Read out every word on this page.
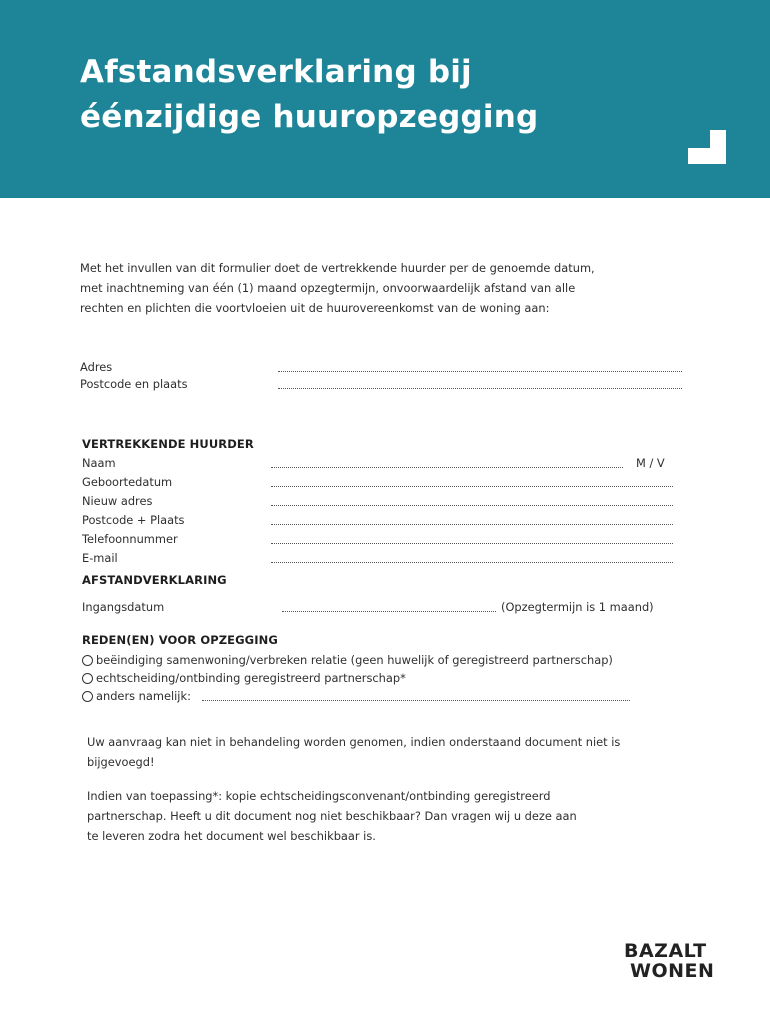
Afstandsverklaring bij
éénzijdige huuropzegging

Met het invullen van dit formulier doet de vertrekkende huurder per de genoemde datum, met inachtneming van één (1) maand opzegtermijn, onvoorwaardelijk afstand van alle rechten en plichten die voortvloeien uit de huurovereenkomst van de woning aan:

Adres
Postcode en plaats
VERTREKKENDE HUURDER
Naam	M / V
Geboortedatum
Nieuw adres
Postcode + Plaats
Telefoonnummer
E-mail
AFSTANDVERKLARING
Ingangsdatum	(Opzegtermijn is 1 maand)
REDEN(EN) VOOR OPZEGGING
beëindiging samenwoning/verbreken relatie (geen huwelijk of geregistreerd partnerschap)
echtscheiding/ontbinding geregistreerd partnerschap*
anders namelijk:

Uw aanvraag kan niet in behandeling worden genomen, indien onderstaand document niet is bijgevoegd!

Indien van toepassing*: kopie echtscheidingsconvenant/ontbinding geregistreerd partnerschap. Heeft u dit document nog niet beschikbaar? Dan vragen wij u deze aan te leveren zodra het document wel beschikbaar is.

BAZALT
WONEN
